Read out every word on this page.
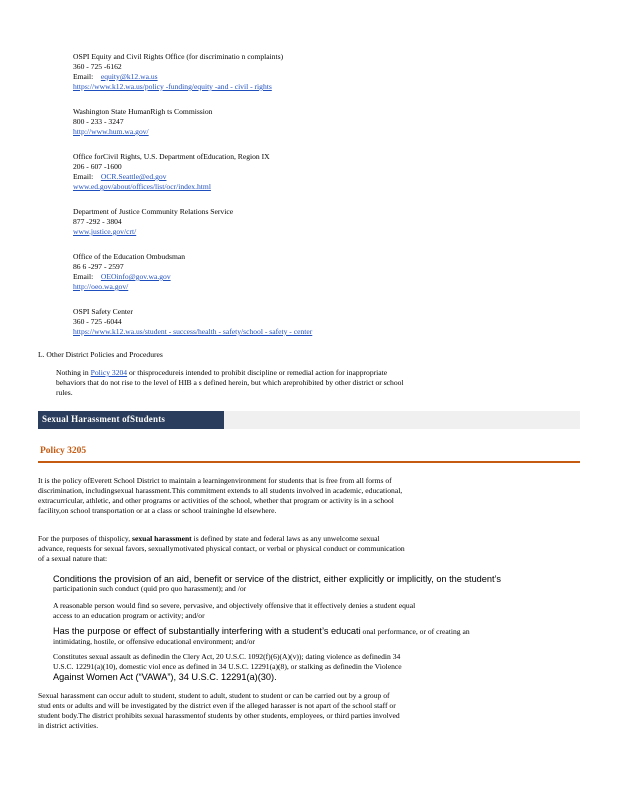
OSPI Equity and Civil Rights Office (for discriminatio n complaints)
360 - 725 -6162
Email: equity@k12.wa.us
https://www.k12.wa.us/policy -funding/equity -and - civil - rights
Washington State HumanRigh ts Commission
800 - 233 - 3247
http://www.hum.wa.gov/
Office forCivil Rights, U.S. Department ofEducation, Region IX
206 - 607 -1600
Email: OCR.Seattle@ed.gov
www.ed.gov/about/offices/list/ocr/index.html
Department of Justice Community Relations Service
877 -292 - 3804
www.justice.gov/crt/
Office of the Education Ombudsman
86 6 -297 - 2597
Email: OEOinfo@gov.wa.gov
http://oeo.wa.gov/
OSPI Safety Center
360 - 725 -6044
https://www.k12.wa.us/student - success/health - safety/school - safety - center
L. Other District Policies and Procedures
Nothing in Policy 3204 or thisprocedureis intended to prohibit discipline or remedial action for inappropriate
behaviors that do not rise to the level of HIB a s defined herein, but which areprohibited by other district or school
rules.
Sexual Harassment ofStudents
Policy 3205
It is the policy ofEverett School District to maintain a learningenvironment for students that is free from all forms of
discrimination, includingsexual harassment.This commitment extends to all students involved in academic, educational,
extracurricular, athletic, and other programs or activities of the school, whether that program or activity is in a school
facility,on school transportation or at a class or school traininghe ld elsewhere.
For the purposes of thispolicy, sexual harassment is defined by state and federal laws as any unwelcome sexual
advance, requests for sexual favors, sexuallymotivated physical contact, or verbal or physical conduct or communication
of a sexual nature that:
Conditions the provision of an aid, benefit or service of the district, either explicitly or implicitly, on the student’s
participationin such conduct (quid pro quo harassment); and /or
A reasonable person would find so severe, pervasive, and objectively offensive that it effectively denies a student equal
access to an education program or activity; and/or
Has the purpose or effect of substantially interfering with a student’s educati onal performance, or of creating an
intimidating, hostile, or offensive educational environment; and/or
Constitutes sexual assault as definedin the Clery Act, 20 U.S.C. 1092(f)(6)(A)(v)); dating violence as definedin 34
U.S.C. 12291(a)(10), domestic viol ence as defined in 34 U.S.C. 12291(a)(8), or stalking as definedin the Violence
Against Women Act (“VAWA”), 34 U.S.C. 12291(a)(30).
Sexual harassment can occur adult to student, student to adult, student to student or can be carried out by a group of
stud ents or adults and will be investigated by the district even if the alleged harasser is not apart of the school staff or
student body.The district prohibits sexual harassmentof students by other students, employees, or third parties involved
in district activities.
